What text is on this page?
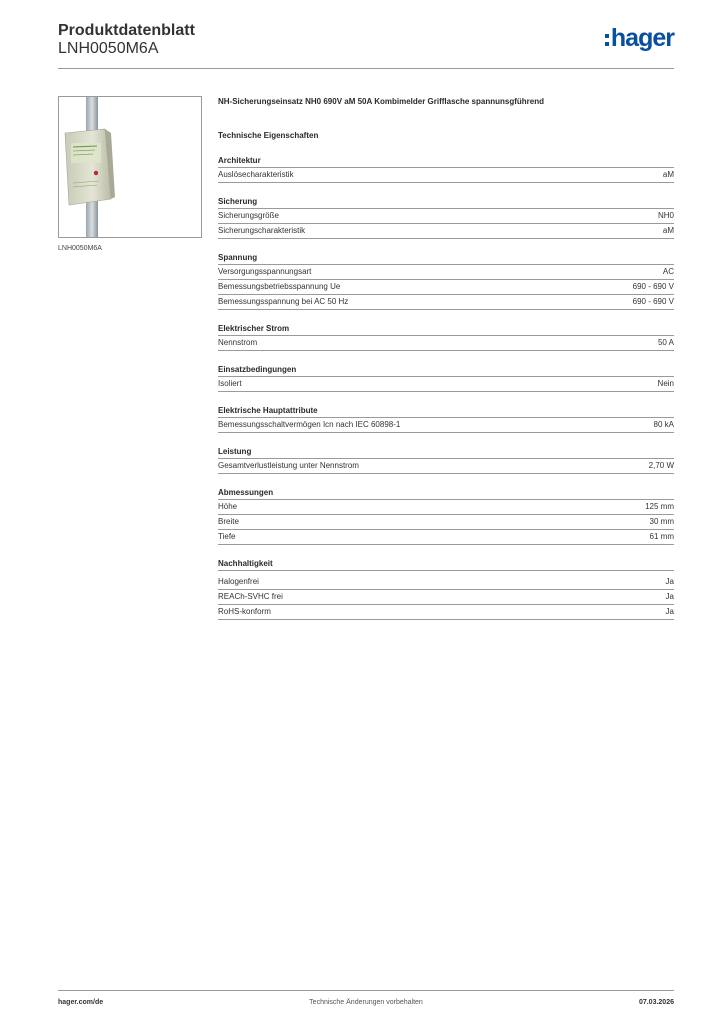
Produktdatenblatt
LNH0050M6A	hager
LNH0050M6A

NH-Sicherungseinsatz NH0 690V aM 50A Kombimelder Grifflasche spannunsgführend

Technische Eigenschaften
Architektur
Auslösecharakteristik	aM
Sicherung
Sicherungsgröße	NH0
Sicherungscharakteristik	aM
Spannung
Versorgungsspannungsart	AC
Bemessungsbetriebsspannung Ue	690 - 690 V
Bemessungsspannung bei AC 50 Hz	690 - 690 V
Elektrischer Strom
Nennstrom	50 A
Einsatzbedingungen
Isoliert	Nein
Elektrische Hauptattribute
Bemessungsschaltvermögen Icn nach IEC 60898-1	80 kA
Leistung
Gesamtverlustleistung unter Nennstrom	2,70 W
Abmessungen
Höhe	125 mm
Breite	30 mm
Tiefe	61 mm
Nachhaltigkeit
Halogenfrei	Ja
REACh-SVHC frei	Ja
RoHS-konform	Ja
hager.com/de	Technische Änderungen vorbehalten	07.03.2026
